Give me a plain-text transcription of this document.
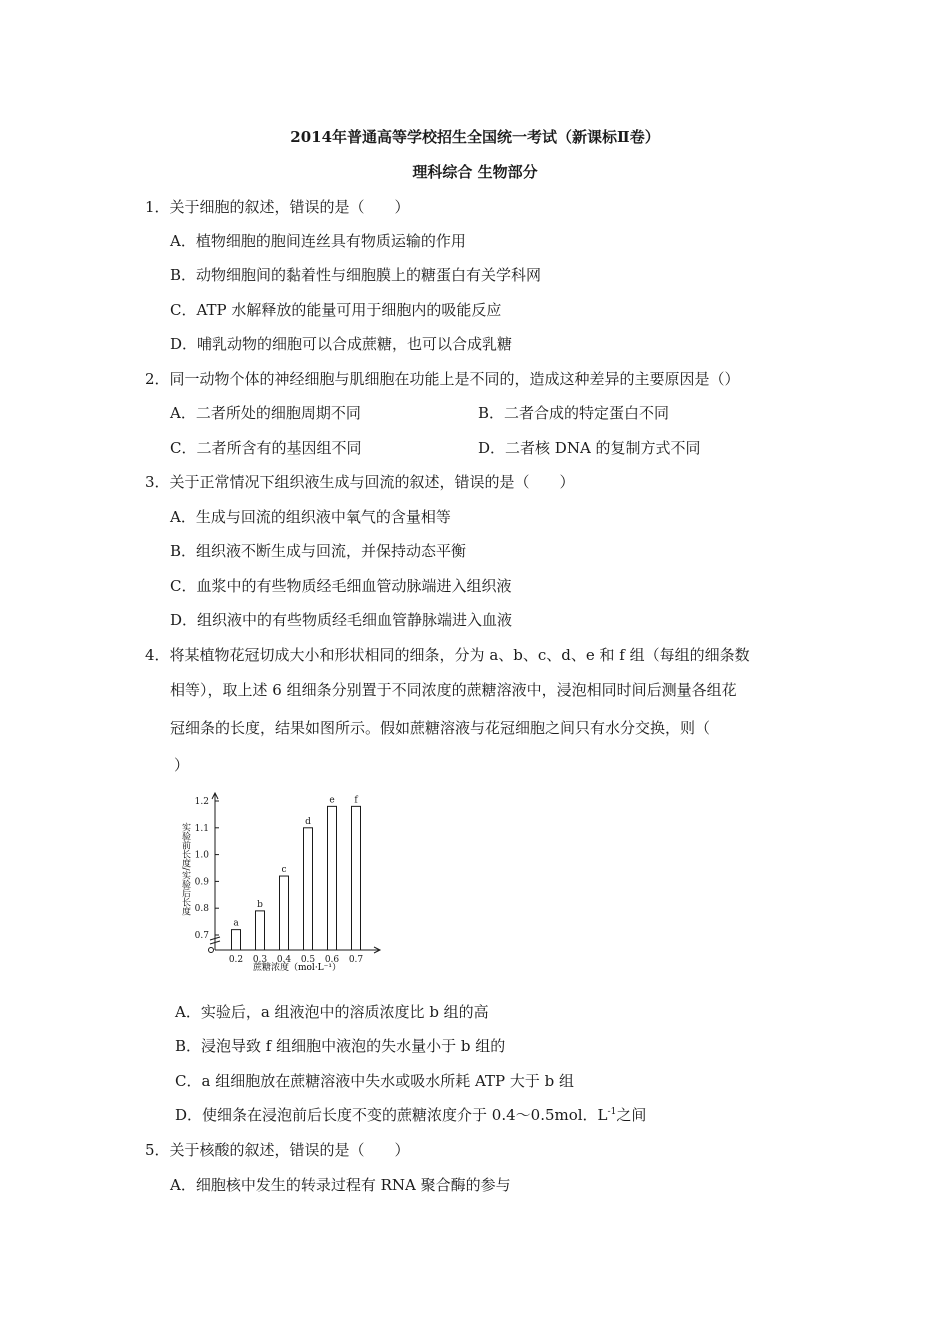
2014年普通高等学校招生全国统一考试（新课标Ⅱ卷）
理科综合 生物部分
1．关于细胞的叙述，错误的是（　　）
A．植物细胞的胞间连丝具有物质运输的作用
B．动物细胞间的黏着性与细胞膜上的糖蛋白有关学科网
C．ATP 水解释放的能量可用于细胞内的吸能反应
D．哺乳动物的细胞可以合成蔗糖，也可以合成乳糖
2．同一动物个体的神经细胞与肌细胞在功能上是不同的，造成这种差异的主要原因是（）
A．二者所处的细胞周期不同	B．二者合成的特定蛋白不同
C．二者所含有的基因组不同	D．二者核 DNA 的复制方式不同
3．关于正常情况下组织液生成与回流的叙述，错误的是（　　）
A．生成与回流的组织液中氧气的含量相等
B．组织液不断生成与回流，并保持动态平衡
C．血浆中的有些物质经毛细血管动脉端进入组织液
D．组织液中的有些物质经毛细血管静脉端进入血液
4．将某植物花冠切成大小和形状相同的细条，分为 a、b、c、d、e 和 f 组（每组的细条数
相等），取上述 6 组细条分别置于不同浓度的蔗糖溶液中，浸泡相同时间后测量各组花
冠细条的长度，结果如图所示。假如蔗糖溶液与花冠细胞之间只有水分交换，则（
）
0.7
0.8
0.9
1.0
1.1
1.2
a
b
c
d
e f
0.2 0.3 0.4 0.5 0.6 0.7
实验前长度/实验后长度
蔗糖浓度（mol·L⁻¹）
A．实验后，a 组液泡中的溶质浓度比 b 组的高
B．浸泡导致 f 组细胞中液泡的失水量小于 b 组的
C．a 组细胞放在蔗糖溶液中失水或吸水所耗 ATP 大于 b 组
D．使细条在浸泡前后长度不变的蔗糖浓度介于 0.4～0.5mol．$L^{-1}$之间
5．关于核酸的叙述，错误的是（　　）
A．细胞核中发生的转录过程有 RNA 聚合酶的参与
